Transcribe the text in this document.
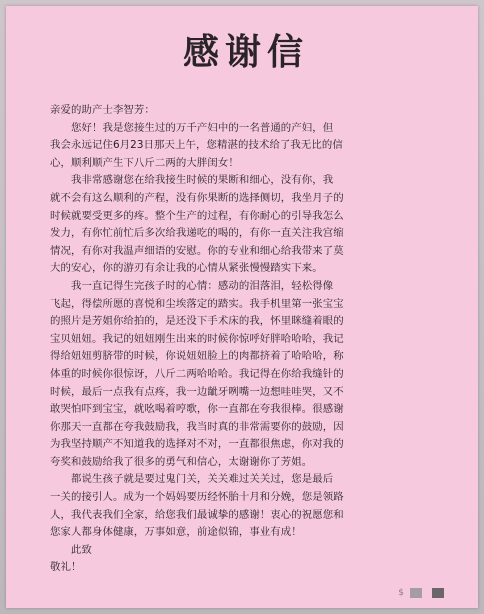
感谢信
亲爱的助产士李智芳：
您好！我是您接生过的万千产妇中的一名普通的产妇，但
我会永远记住6月23日那天上午，您精湛的技术给了我无比的信
心，顺利顺产生下八斤二两的大胖闺女！
我非常感谢您在给我接生时候的果断和细心，没有你，我
就不会有这么顺利的产程，没有你果断的选择侧切，我坐月子的
时候就要受更多的疼。整个生产的过程，有你耐心的引导我怎么
发力，有你忙前忙后多次给我递吃的喝的，有你一直关注我宫缩
情况，有你对我温声细语的安慰。你的专业和细心给我带来了莫
大的安心，你的游刃有余让我的心情从紧张慢慢踏实下来。
我一直记得生完孩子时的心情：感动的泪落泪，轻松得像
飞起，得偿所愿的喜悦和尘埃落定的踏实。我手机里第一张宝宝
的照片是芳姐你给拍的，是还没下手术床的我，怀里眯缝着眼的
宝贝妞妞。我记的妞妞刚生出来的时候你惊呼好胖哈哈哈，我记
得给妞妞剪脐带的时候，你说妞妞脸上的肉都挤着了哈哈哈，称
体重的时候你很惊讶，八斤二两哈哈哈。我记得在你给我缝针的
时候，最后一点我有点疼，我一边龇牙咧嘴一边想哇哇哭，又不
敢哭怕吓到宝宝，就吆喝着哼歌，你一直都在夸我很棒。很感谢
你那天一直都在夸我鼓励我，我当时真的非常需要你的鼓励，因
为我坚持顺产不知道我的选择对不对，一直都很焦虑，你对我的
夸奖和鼓励给我了很多的勇气和信心，太谢谢你了芳姐。
都说生孩子就是要过鬼门关，关关难过关关过，您是最后
一关的接引人。成为一个妈妈要历经怀胎十月和分娩，您是领路
人，我代表我们全家，给您我们最诚挚的感谢！衷心的祝愿您和
您家人都身体健康，万事如意，前途似锦，事业有成！
此致
敬礼！
$
